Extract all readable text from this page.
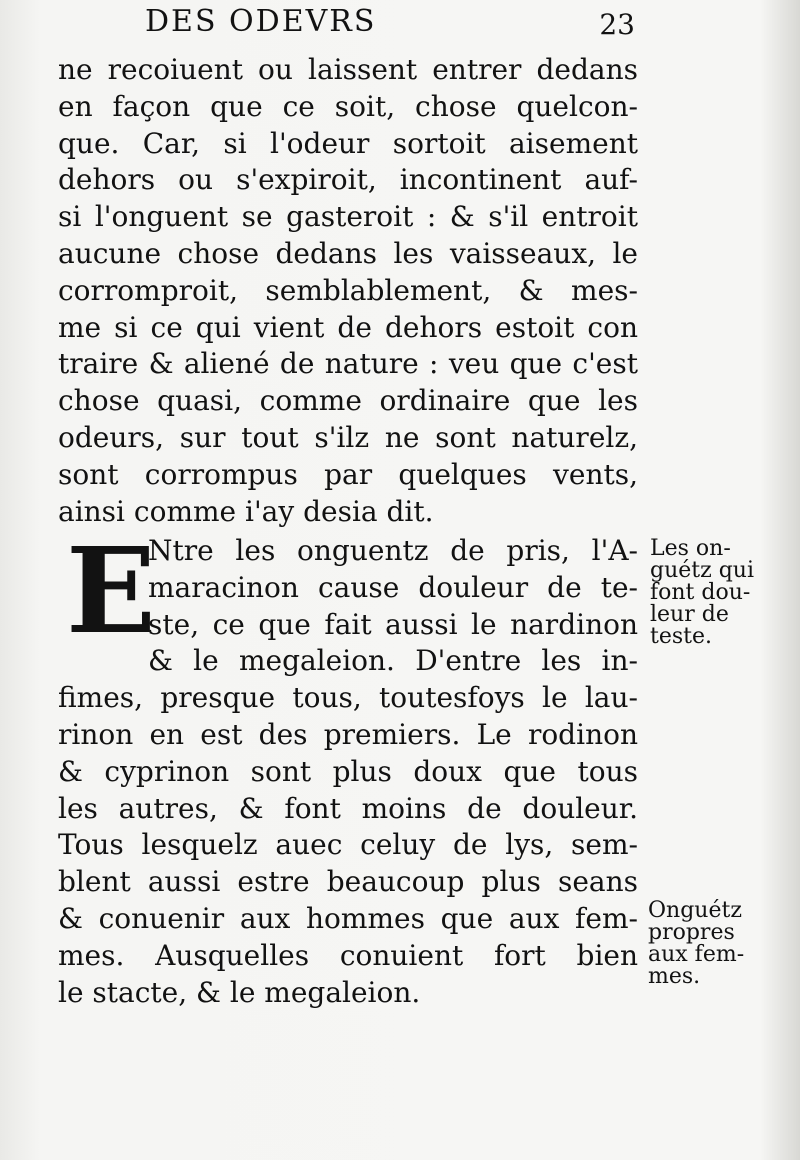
DES ODEVRS	23
ne recoiuent ou laissent entrer dedans
en façon que ce soit, chose quelcon-
que. Car, si l'odeur sortoit aisement
dehors ou s'expiroit, incontinent auf-
si l'onguent se gasteroit : & s'il entroit
aucune chose dedans les vaisseaux, le
corromproit, semblablement, & mes-
me si ce qui vient de dehors estoit con
traire & aliené de nature : veu que c'est
chose quasi, comme ordinaire que les
odeurs, sur tout s'ilz ne sont naturelz,
sont corrompus par quelques vents,
ainsi comme i'ay desia dit.
E
Ntre les onguentz de pris, l'A-
maracinon cause douleur de te-
ste, ce que fait aussi le nardinon
& le megaleion. D'entre les in-
fimes, presque tous, toutesfoys le lau-
rinon en est des premiers. Le rodinon
& cyprinon sont plus doux que tous
les autres, & font moins de douleur.
Tous lesquelz auec celuy de lys, sem-
blent aussi estre beaucoup plus seans
& conuenir aux hommes que aux fem-
mes. Ausquelles conuient fort bien
le stacte, & le megaleion.
Les on-
guétz qui
font dou-
leur de
teste.
Onguétz
propres
aux fem-
mes.
